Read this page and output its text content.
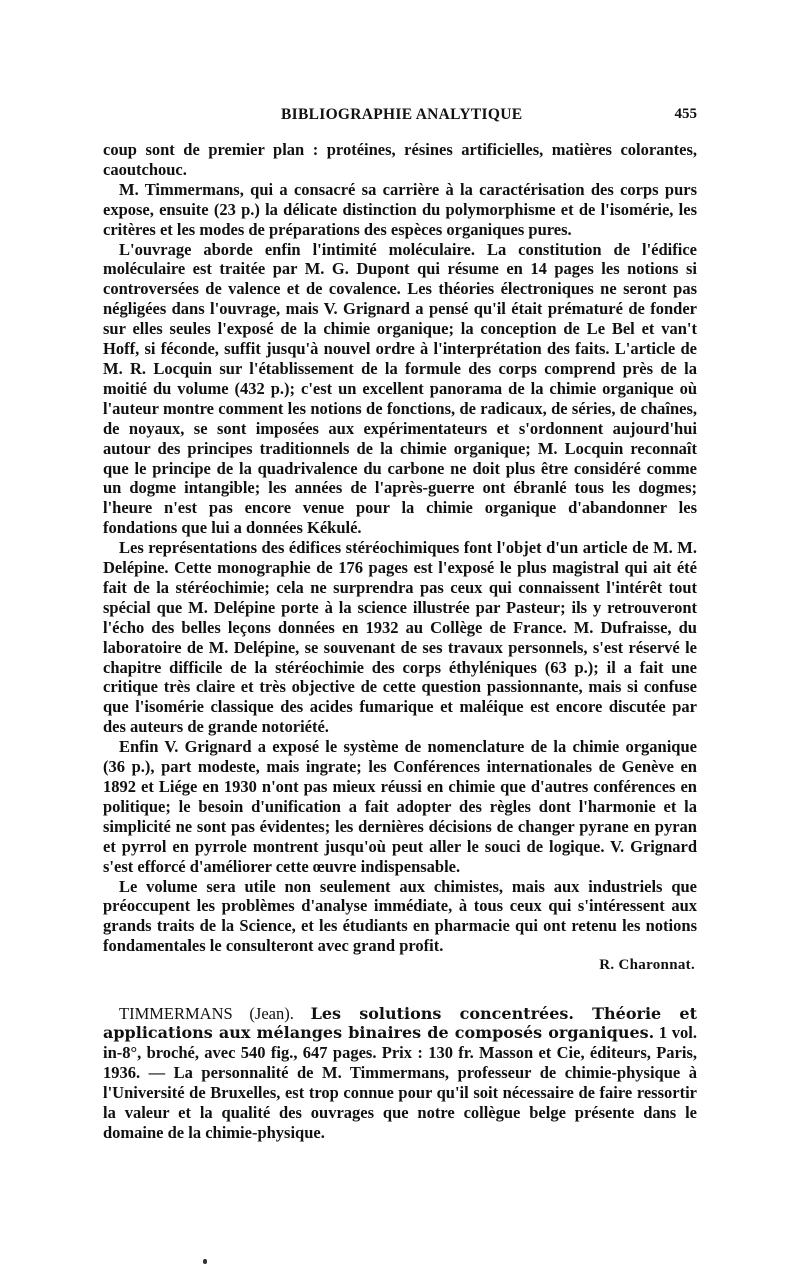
BIBLIOGRAPHIE ANALYTIQUE	455

coup sont de premier plan : protéines, résines artificielles, matières colorantes, caoutchouc.

M. Timmermans, qui a consacré sa carrière à la caractérisation des corps purs expose, ensuite (23 p.) la délicate distinction du polymorphisme et de l'isomérie, les critères et les modes de préparations des espèces organiques pures.

L'ouvrage aborde enfin l'intimité moléculaire. La constitution de l'édifice moléculaire est traitée par M. G. Dupont qui résume en 14 pages les notions si controversées de valence et de covalence. Les théories électroniques ne seront pas négligées dans l'ouvrage, mais V. Grignard a pensé qu'il était prématuré de fonder sur elles seules l'exposé de la chimie organique; la conception de Le Bel et van't Hoff, si féconde, suffit jusqu'à nouvel ordre à l'interprétation des faits. L'article de M. R. Locquin sur l'établissement de la formule des corps comprend près de la moitié du volume (432 p.); c'est un excellent panorama de la chimie organique où l'auteur montre comment les notions de fonctions, de radicaux, de séries, de chaînes, de noyaux, se sont imposées aux expérimentateurs et s'ordonnent aujourd'hui autour des principes traditionnels de la chimie organique; M. Locquin reconnaît que le principe de la quadrivalence du carbone ne doit plus être considéré comme un dogme intangible; les années de l'après-guerre ont ébranlé tous les dogmes; l'heure n'est pas encore venue pour la chimie organique d'abandonner les fondations que lui a données Kékulé.

Les représentations des édifices stéréochimiques font l'objet d'un article de M. M. Delépine. Cette monographie de 176 pages est l'exposé le plus magistral qui ait été fait de la stéréochimie; cela ne surprendra pas ceux qui connaissent l'intérêt tout spécial que M. Delépine porte à la science illustrée par Pasteur; ils y retrouveront l'écho des belles leçons données en 1932 au Collège de France. M. Dufraisse, du laboratoire de M. Delépine, se souvenant de ses travaux personnels, s'est réservé le chapitre difficile de la stéréochimie des corps éthyléniques (63 p.); il a fait une critique très claire et très objective de cette question passionnante, mais si confuse que l'isomérie classique des acides fumarique et maléique est encore discutée par des auteurs de grande notoriété.

Enfin V. Grignard a exposé le système de nomenclature de la chimie organique (36 p.), part modeste, mais ingrate; les Conférences internationales de Genève en 1892 et Liége en 1930 n'ont pas mieux réussi en chimie que d'autres conférences en politique; le besoin d'unification a fait adopter des règles dont l'harmonie et la simplicité ne sont pas évidentes; les dernières décisions de changer pyrane en pyran et pyrrol en pyrrole montrent jusqu'où peut aller le souci de logique. V. Grignard s'est efforcé d'améliorer cette œuvre indispensable.

Le volume sera utile non seulement aux chimistes, mais aux industriels que préoccupent les problèmes d'analyse immédiate, à tous ceux qui s'intéressent aux grands traits de la Science, et les étudiants en pharmacie qui ont retenu les notions fondamentales le consulteront avec grand profit.

R. Charonnat.

TIMMERMANS (Jean). Les solutions concentrées. Théorie et applications aux mélanges binaires de composés organiques. 1 vol. in-8°, broché, avec 540 fig., 647 pages. Prix : 130 fr. Masson et Cie, éditeurs, Paris, 1936. — La personnalité de M. Timmermans, professeur de chimie-physique à l'Université de Bruxelles, est trop connue pour qu'il soit nécessaire de faire ressortir la valeur et la qualité des ouvrages que notre collègue belge présente dans le domaine de la chimie-physique.
